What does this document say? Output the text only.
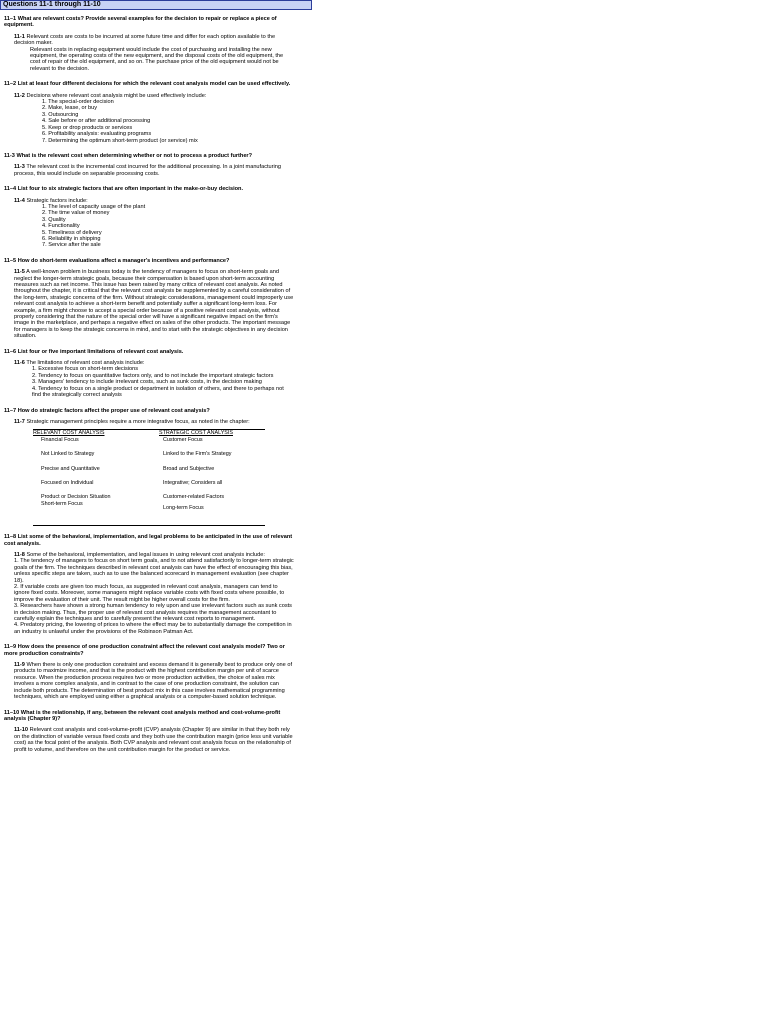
Questions 11-1 through 11-10
11–1 What are relevant costs? Provide several examples for the decision to repair or replace a piece of equipment.
11-1 Relevant costs are costs to be incurred at some future time and differ for each option available to the decision maker.
Relevant costs in replacing equipment would include the cost of purchasing and installing the new equipment, the operating costs of the new equipment, and the disposal costs of the old equipment, the cost of repair of the old equipment, and so on. The purchase price of the old equipment would not be relevant to the decision.
11–2 List at least four different decisions for which the relevant cost analysis model can be used effectively.
11-2 Decisions where relevant cost analysis might be used effectively include:
1. The special-order decision
2. Make, lease, or buy
3. Outsourcing
4. Sale before or after additional processing
5. Keep or drop products or services
6. Profitability analysis: evaluating programs
7. Determining the optimum short-term product (or service) mix
11-3 What is the relevant cost when determining whether or not to process a product further?
11-3 The relevant cost is the incremental cost incurred for the additional processing. In a joint manufacturing process, this would include on separable processing costs.
11–4 List four to six strategic factors that are often important in the make-or-buy decision.
11-4 Strategic factors include:
1. The level of capacity usage of the plant
2. The time value of money
3. Quality
4. Functionality
5. Timeliness of delivery
6. Reliability in shipping
7. Service after the sale
11–5 How do short-term evaluations affect a manager's incentives and performance?
11-5 A well-known problem in business today is the tendency of managers to focus on short-term goals and neglect the longer-term strategic goals, because their compensation is based upon short-term accounting measures such as net income. This issue has been raised by many critics of relevant cost analysis. As noted throughout the chapter, it is critical that the relevant cost analysis be supplemented by a careful consideration of the long-term, strategic concerns of the firm. Without strategic considerations, management could improperly use relevant cost analysis to achieve a short-term benefit and potentially suffer a significant long-term loss. For example, a firm might choose to accept a special order because of a positive relevant cost analysis, without properly considering that the nature of the special order will have a significant negative impact on the firm's image in the marketplace, and perhaps a negative effect on sales of the other products. The important message for managers is to keep the strategic concerns in mind, and to start with the strategic objectives in any decision situation.
11–6 List four or five important limitations of relevant cost analysis.
11-6 The limitations of relevant cost analysis include:
1. Excessive focus on short-term decisions
2. Tendency to focus on quantitative factors only, and to not include the important strategic factors
3. Managers' tendency to include irrelevant costs, such as sunk costs, in the decision making
4. Tendency to focus on a single product or department in isolation of others, and there to perhaps not find the strategically correct analysis
11–7 How do strategic factors affect the proper use of relevant cost analysis?
11-7 Strategic management principles require a more integrative focus, as noted in the chapter:
RELEVANT COST ANALYSIS	STRATEGIC COST ANALYSIS
Financial Focus	Customer Focus
Not Linked to Strategy	Linked to the Firm's Strategy
Precise and Quantitative	Broad and Subjective
Focused on Individual	Integrative; Considers all
Product or Decision Situation	Customer-related Factors
Short-term Focus	Long-term Focus
11–8 List some of the behavioral, implementation, and legal problems to be anticipated in the use of relevant cost analysis.
11-8 Some of the behavioral, implementation, and legal issues in using relevant cost analysis include:
1. The tendency of managers to focus on short term goals, and to not attend satisfactorily to longer-term strategic goals of the firm. The techniques described in relevant cost analysis can have the effect of encouraging this bias, unless specific steps are taken, such as to use the balanced scorecard in management evaluation (see chapter 18).
2. If variable costs are given too much focus, as suggested in relevant cost analysis, managers can tend to ignore fixed costs. Moreover, some managers might replace variable costs with fixed costs where possible, to improve the evaluation of their unit. The result might be higher overall costs for the firm.
3. Researchers have shown a strong human tendency to rely upon and use irrelevant factors such as sunk costs in decision making. Thus, the proper use of relevant cost analysis requires the management accountant to carefully explain the techniques and to carefully present the relevant cost reports to management.
4. Predatory pricing, the lowering of prices to where the effect may be to substantially damage the competition in an industry is unlawful under the provisions of the Robinson Patman Act.
11–9 How does the presence of one production constraint affect the relevant cost analysis model? Two or more production constraints?
11-9 When there is only one production constraint and excess demand it is generally best to produce only one of products to maximize income, and that is the product with the highest contribution margin per unit of scarce resource. When the production process requires two or more production activities, the choice of sales mix involves a more complex analysis, and in contrast to the case of one production constraint, the solution can include both products. The determination of best product mix in this case involves mathematical programming techniques, which are employed using either a graphical analysis or a computer-based solution technique.
11–10 What is the relationship, if any, between the relevant cost analysis method and cost-volume-profit analysis (Chapter 9)?
11-10 Relevant cost analysis and cost-volume-profit (CVP) analysis (Chapter 9) are similar in that they both rely on the distinction of variable versus fixed costs and they both use the contribution margin (price less unit variable cost) as the focal point of the analysis. Both CVP analysis and relevant cost analysis focus on the relationship of profit to volume, and therefore on the unit contribution margin for the product or service.
